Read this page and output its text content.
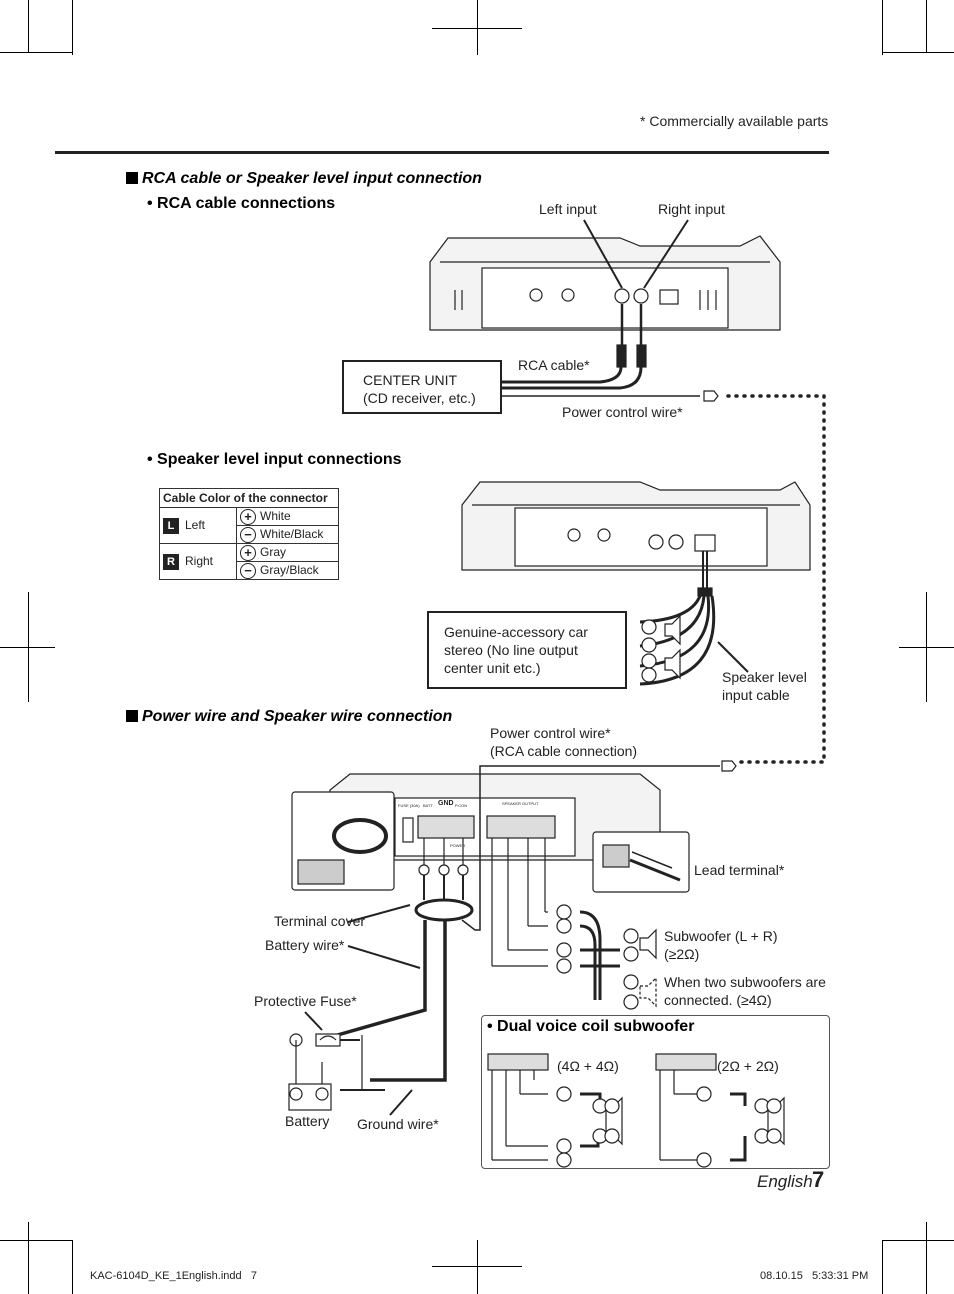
* Commercially available parts
RCA cable or Speaker level input connection
• RCA cable connections	Left input	Right input
CENTER UNIT
(CD receiver, etc.)
RCA cable*
Power control wire*
• Speaker level input connections
Cable Color of the connector	
L Left	+ White
	− White/Black
R Right	+ Gray
	− Gray/Black
Genuine-accessory car
stereo (No line output
center unit etc.)
Speaker level
input cable
Power wire and Speaker wire connection
Power control wire*
(RCA cable connection)
Lead terminal*
Terminal cover
Battery wire*
Protective Fuse*
Battery Ground wire*
Subwoofer (L + R)
(≥2Ω)
When two subwoofers are
connected. (≥4Ω)
FUSE (30A) BATT. GND P.CON	SPEAKER OUTPUT
POWER
• Dual voice coil subwoofer
(4Ω + 4Ω)	(2Ω + 2Ω)
English 7
KAC-6104D_KE_1English.indd   7	08.10.15   5:33:31 PM
